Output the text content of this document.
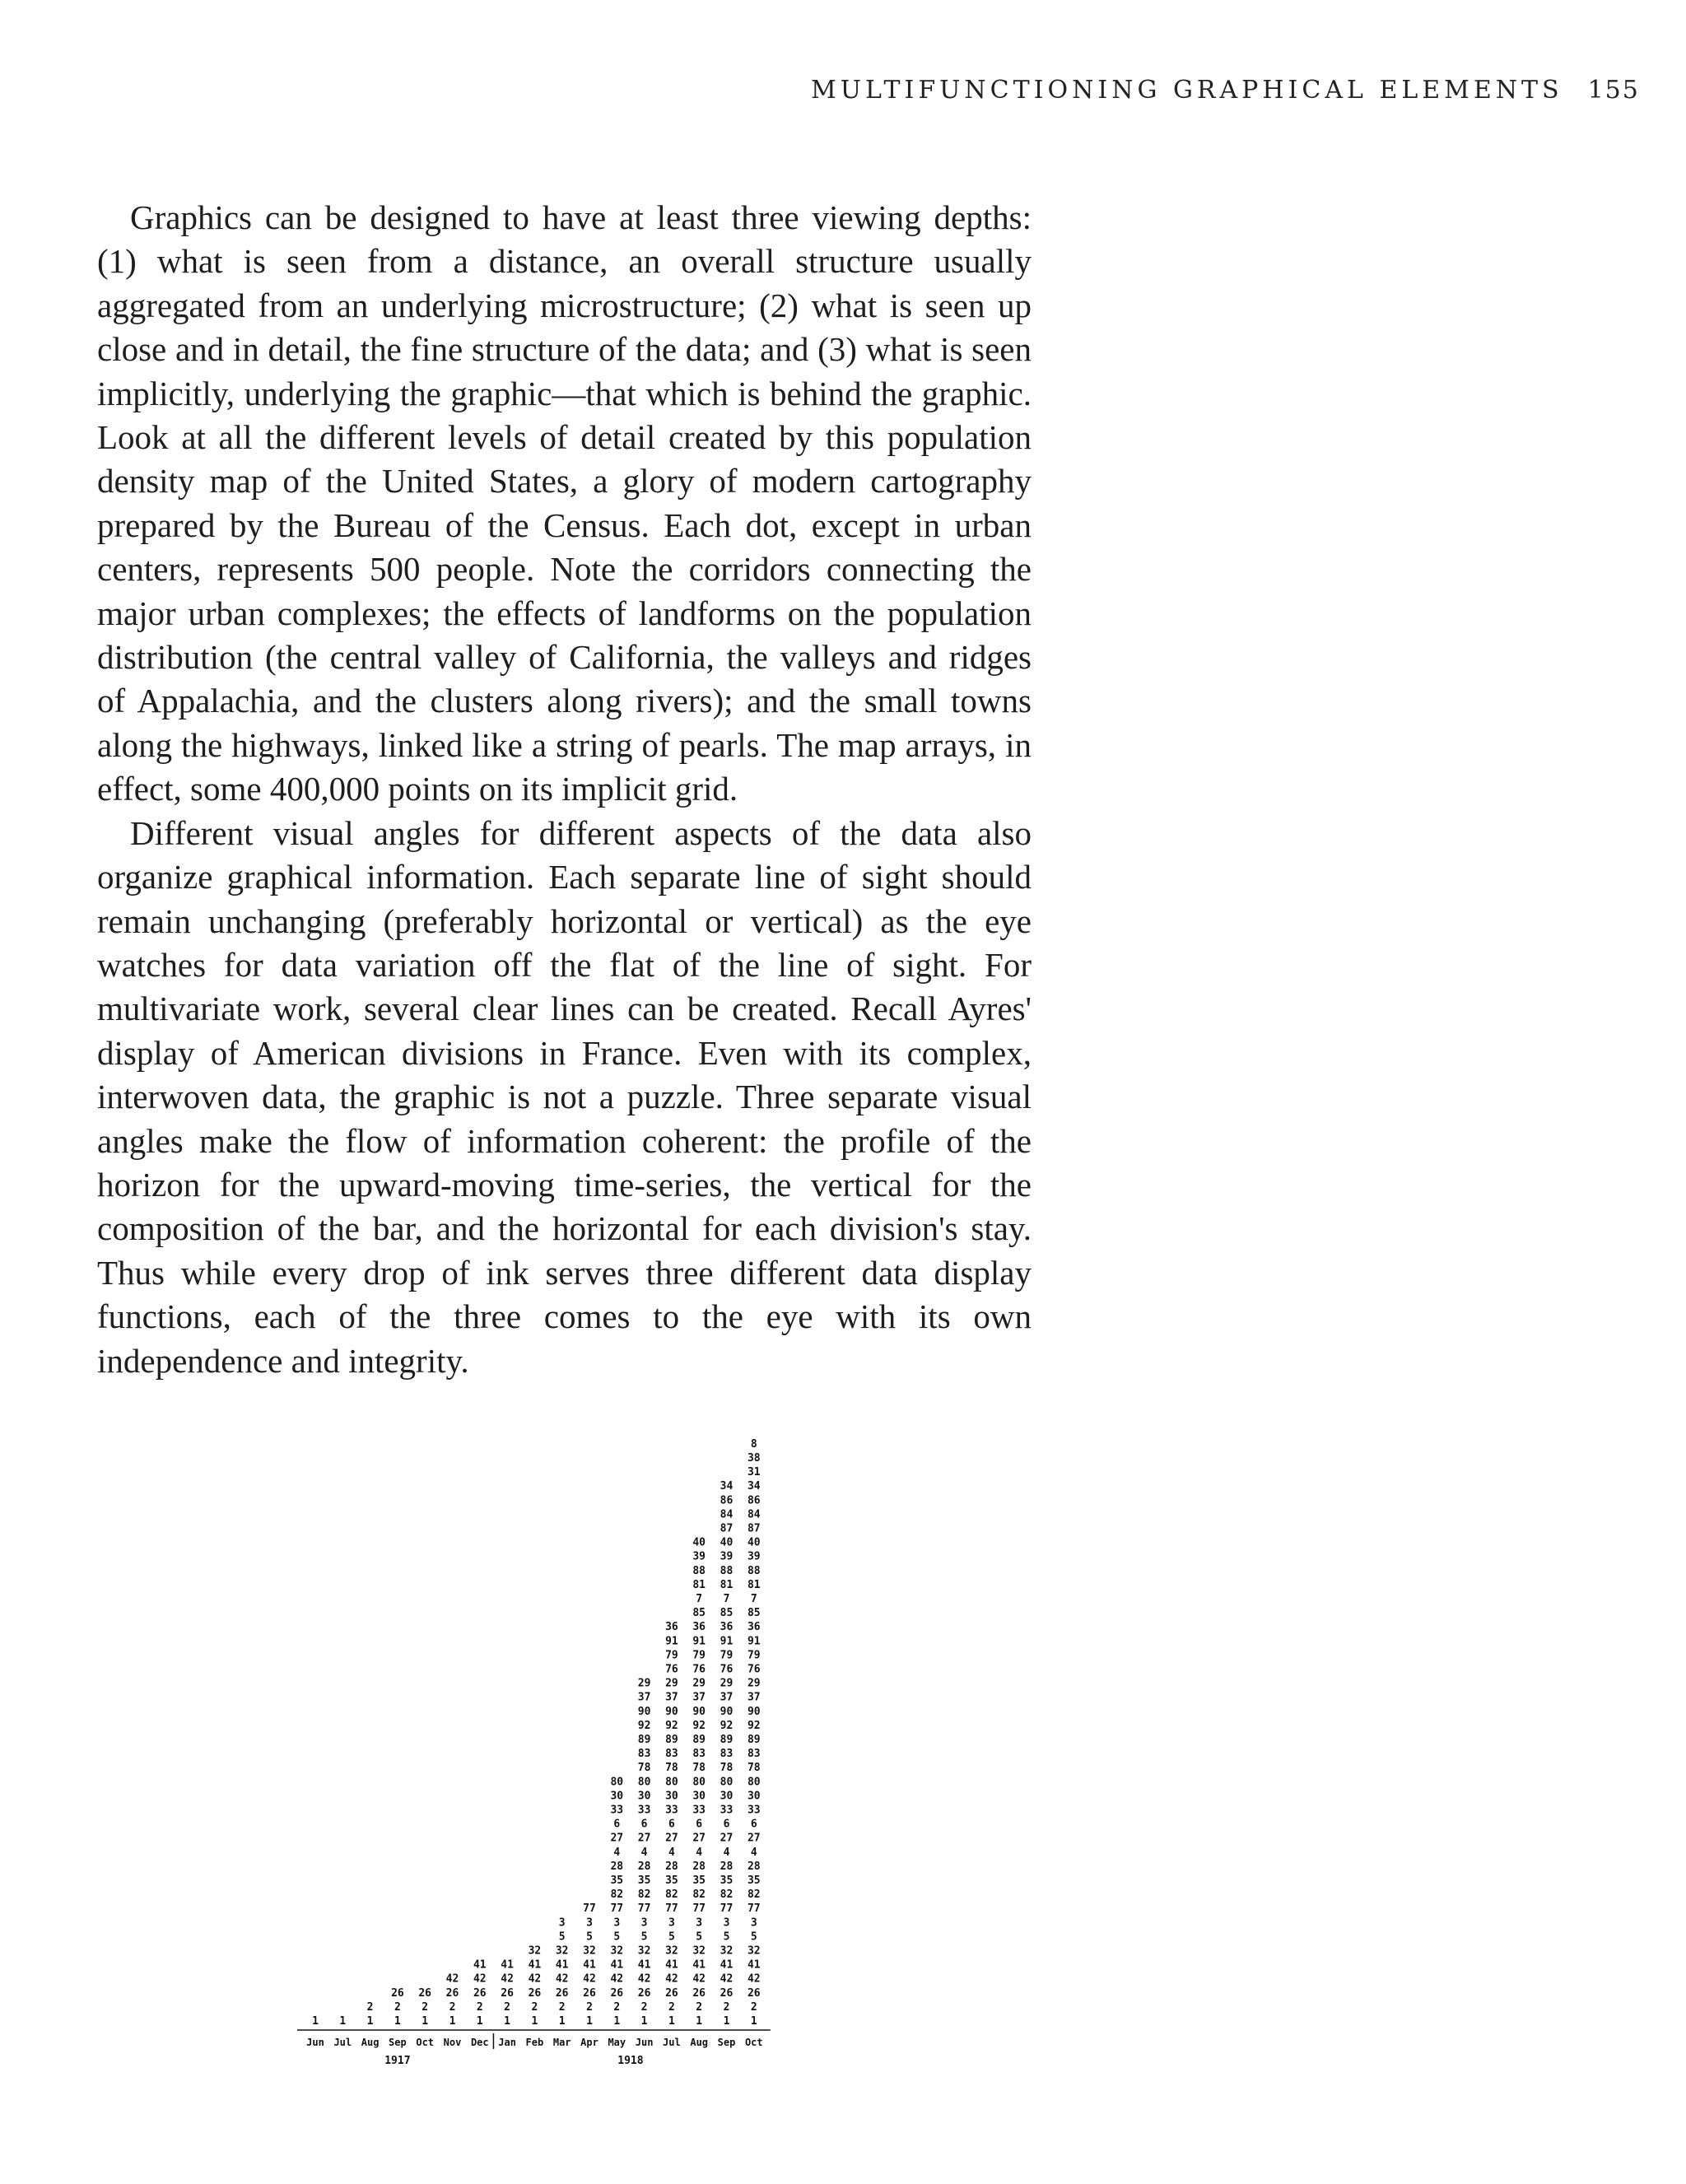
MULTIFUNCTIONING GRAPHICAL ELEMENTS 155

Graphics can be designed to have at least three viewing depths: (1) what is seen from a distance, an overall structure usually aggregated from an underlying microstructure; (2) what is seen up close and in detail, the fine structure of the data; and (3) what is seen implicitly, underlying the graphic—that which is behind the graphic. Look at all the different levels of detail created by this population density map of the United States, a glory of modern cartography prepared by the Bureau of the Census. Each dot, except in urban centers, represents 500 people. Note the corridors connecting the major urban complexes; the effects of landforms on the population distribution (the central valley of California, the valleys and ridges of Appalachia, and the clusters along rivers); and the small towns along the highways, linked like a string of pearls. The map arrays, in effect, some 400,000 points on its implicit grid.

Different visual angles for different aspects of the data also organize graphical information. Each separate line of sight should remain unchanging (preferably horizontal or vertical) as the eye watches for data variation off the flat of the line of sight. For multivariate work, several clear lines can be created. Recall Ayres' display of American divisions in France. Even with its complex, interwoven data, the graphic is not a puzzle. Three separate visual angles make the flow of information coherent: the profile of the horizon for the upward-moving time-series, the vertical for the composition of the bar, and the horizontal for each division's stay. Thus while every drop of ink serves three different data display functions, each of the three comes to the eye with its own independence and integrity.

1 1 1 1 1 1 1 1 1 1 1 1 1 1 1 1 1
2 2 2 2 2 2 2 2 2 2 2 2 2 2 2
26 26 26 26 26 26 26 26 26 26 26 26 26 26
42 42 42 42 42 42 42 42 42 42 42 42
41 41 41 41 41 41 41 41 41 41 41
32 32 32 32 32 32 32 32 32
5 5 5 5 5 5 5 5
3 3 3 3 3 3 3 3
77 77 77 77 77 77 77
82 82 82 82 82 82
35 35 35 35 35 35
28 28 28 28 28 28
4 4 4 4 4 4
27 27 27 27 27 27
6 6 6 6 6 6
33 33 33 33 33 33
30 30 30 30 30 30
80 80 80 80 80 80
78 78 78 78 78
83 83 83 83 83
89 89 89 89 89
92 92 92 92 92
90 90 90 90 90
37 37 37 37 37
29 29 29 29 29
76 76 76 76
79 79 79 79
91 91 91 91
36 36 36 36
85 85 85
7 7 7
81 81 81
88 88 88
39 39 39
40 40 40
87 87
84 84
86 86
34 34
31
38
8
Jun Jul Aug Sep Oct Nov Dec Jan Feb Mar Apr May Jun Jul Aug Sep Oct
1917	1918
